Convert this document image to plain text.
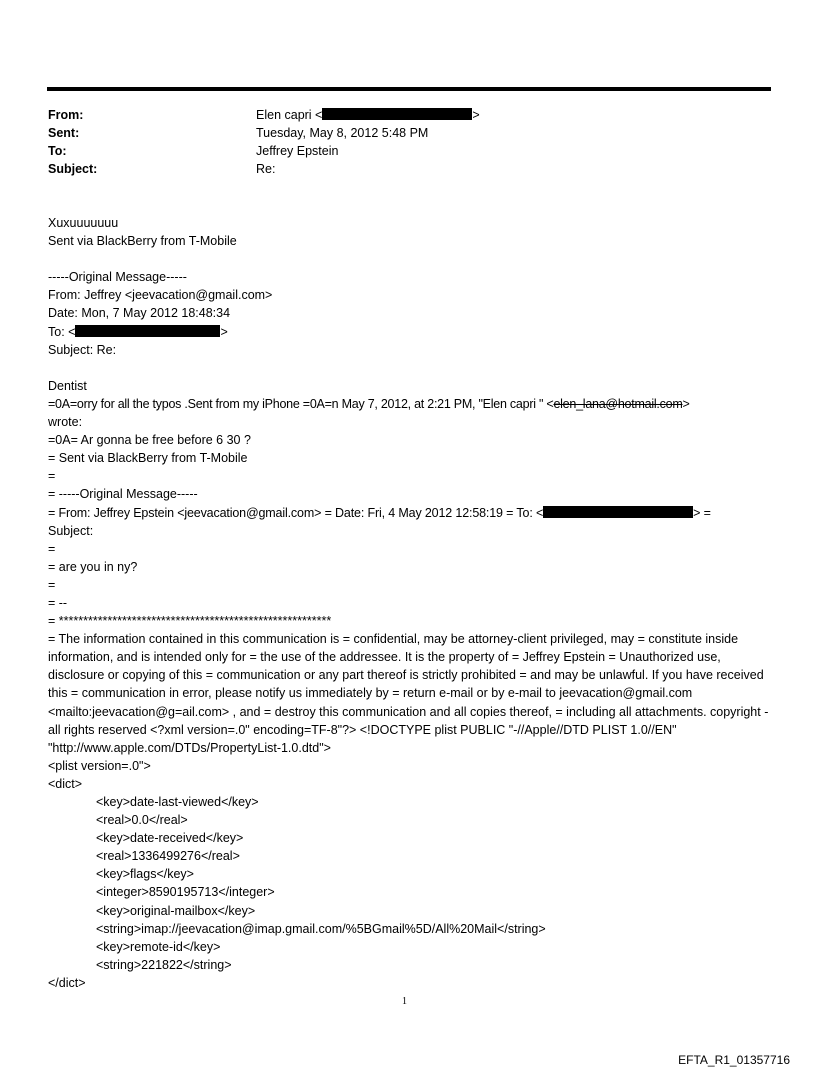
From:	Elen capri <	>
Sent:	Tuesday, May 8, 2012 5:48 PM
To:	Jeffrey Epstein
Subject:	Re:
Xuxuuuuuuu
Sent via BlackBerry from T-Mobile
-----Original Message-----
From: Jeffrey <jeevacation@gmail.com>
Date: Mon, 7 May 2012 18:48:34
To: <	>
Subject: Re:
Dentist
=0A=orry for all the typos .Sent from my iPhone =0A=n May 7, 2012, at 2:21 PM, "Elen capri " <elen_lana@hotmail.com>
wrote:
=0A= Ar gonna be free before 6 30 ?
= Sent via BlackBerry from T-Mobile
=
= -----Original Message-----
= From: Jeffrey Epstein <jeevacation@gmail.com> = Date: Fri, 4 May 2012 12:58:19 = To: <	> =
Subject:
=
= are you in ny?
=
= --
= ********************************************************
= The information contained in this communication is = confidential, may be attorney-client privileged, may = constitute inside information, and is intended only for = the use of the addressee. It is the property of = Jeffrey Epstein = Unauthorized use, disclosure or copying of this = communication or any part thereof is strictly prohibited = and may be unlawful. If you have received this = communication in error, please notify us immediately by = return e-mail or by e-mail to jeevacation@gmail.com <mailto:jeevacation@g=ail.com> , and = destroy this communication and all copies thereof, = including all attachments. copyright -all rights reserved <?xml version=.0" encoding=TF-8"?> <!DOCTYPE plist PUBLIC "-//Apple//DTD PLIST 1.0//EN" "http://www.apple.com/DTDs/PropertyList-1.0.dtd">
<plist version=.0">
<dict>
<key>date-last-viewed</key>
<real>0.0</real>
<key>date-received</key>
<real>1336499276</real>
<key>flags</key>
<integer>8590195713</integer>
<key>original-mailbox</key>
<string>imap://jeevacation@imap.gmail.com/%5BGmail%5D/All%20Mail</string>
<key>remote-id</key>
<string>221822</string>
</dict>
1
EFTA_R1_01357716
